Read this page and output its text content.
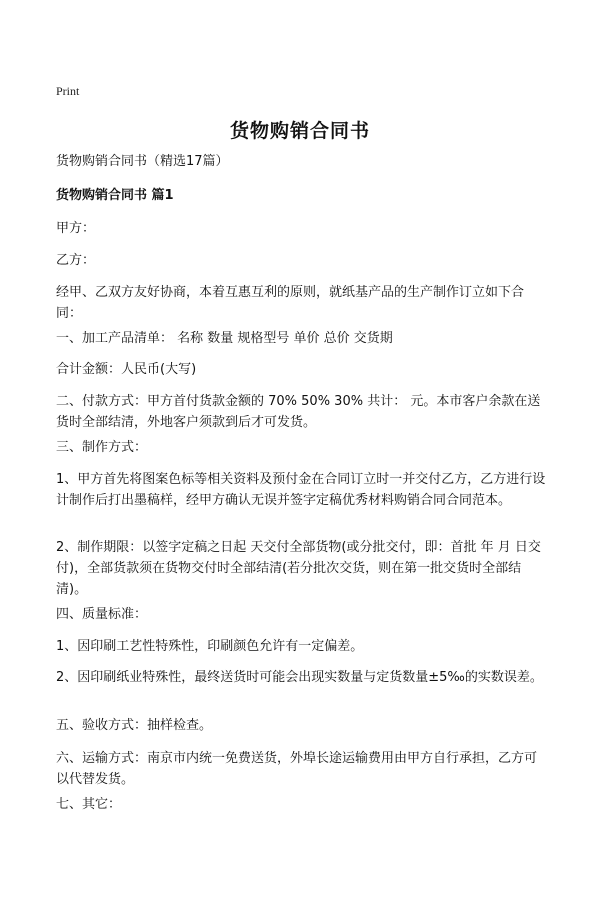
Print
货物购销合同书

货物购销合同书（精选17篇）

货物购销合同书 篇1

甲方：

乙方：

经甲、乙双方友好协商，本着互惠互利的原则，就纸基产品的生产制作订立如下合同：

一、加工产品清单： 名称 数量 规格型号 单价 总价 交货期

合计金额：人民币(大写)

二、付款方式：甲方首付货款金额的 70% 50% 30% 共计： 元。本市客户余款在送货时全部结清，外地客户须款到后才可发货。

三、制作方式：

1、甲方首先将图案色标等相关资料及预付金在合同订立时一并交付乙方，乙方进行设计制作后打出墨稿样，经甲方确认无误并签字定稿优秀材料购销合同合同范本。

2、制作期限：以签字定稿之日起 天交付全部货物(或分批交付，即：首批 年 月 日交付)，全部货款须在货物交付时全部结清(若分批次交货，则在第一批交货时全部结清)。

四、质量标准：

1、因印刷工艺性特殊性，印刷颜色允许有一定偏差。

2、因印刷纸业特殊性，最终送货时可能会出现实数量与定货数量±5‰的实数误差。

五、验收方式：抽样检查。

六、运输方式：南京市内统一免费送货，外埠长途运输费用由甲方自行承担，乙方可以代替发货。

七、其它：
